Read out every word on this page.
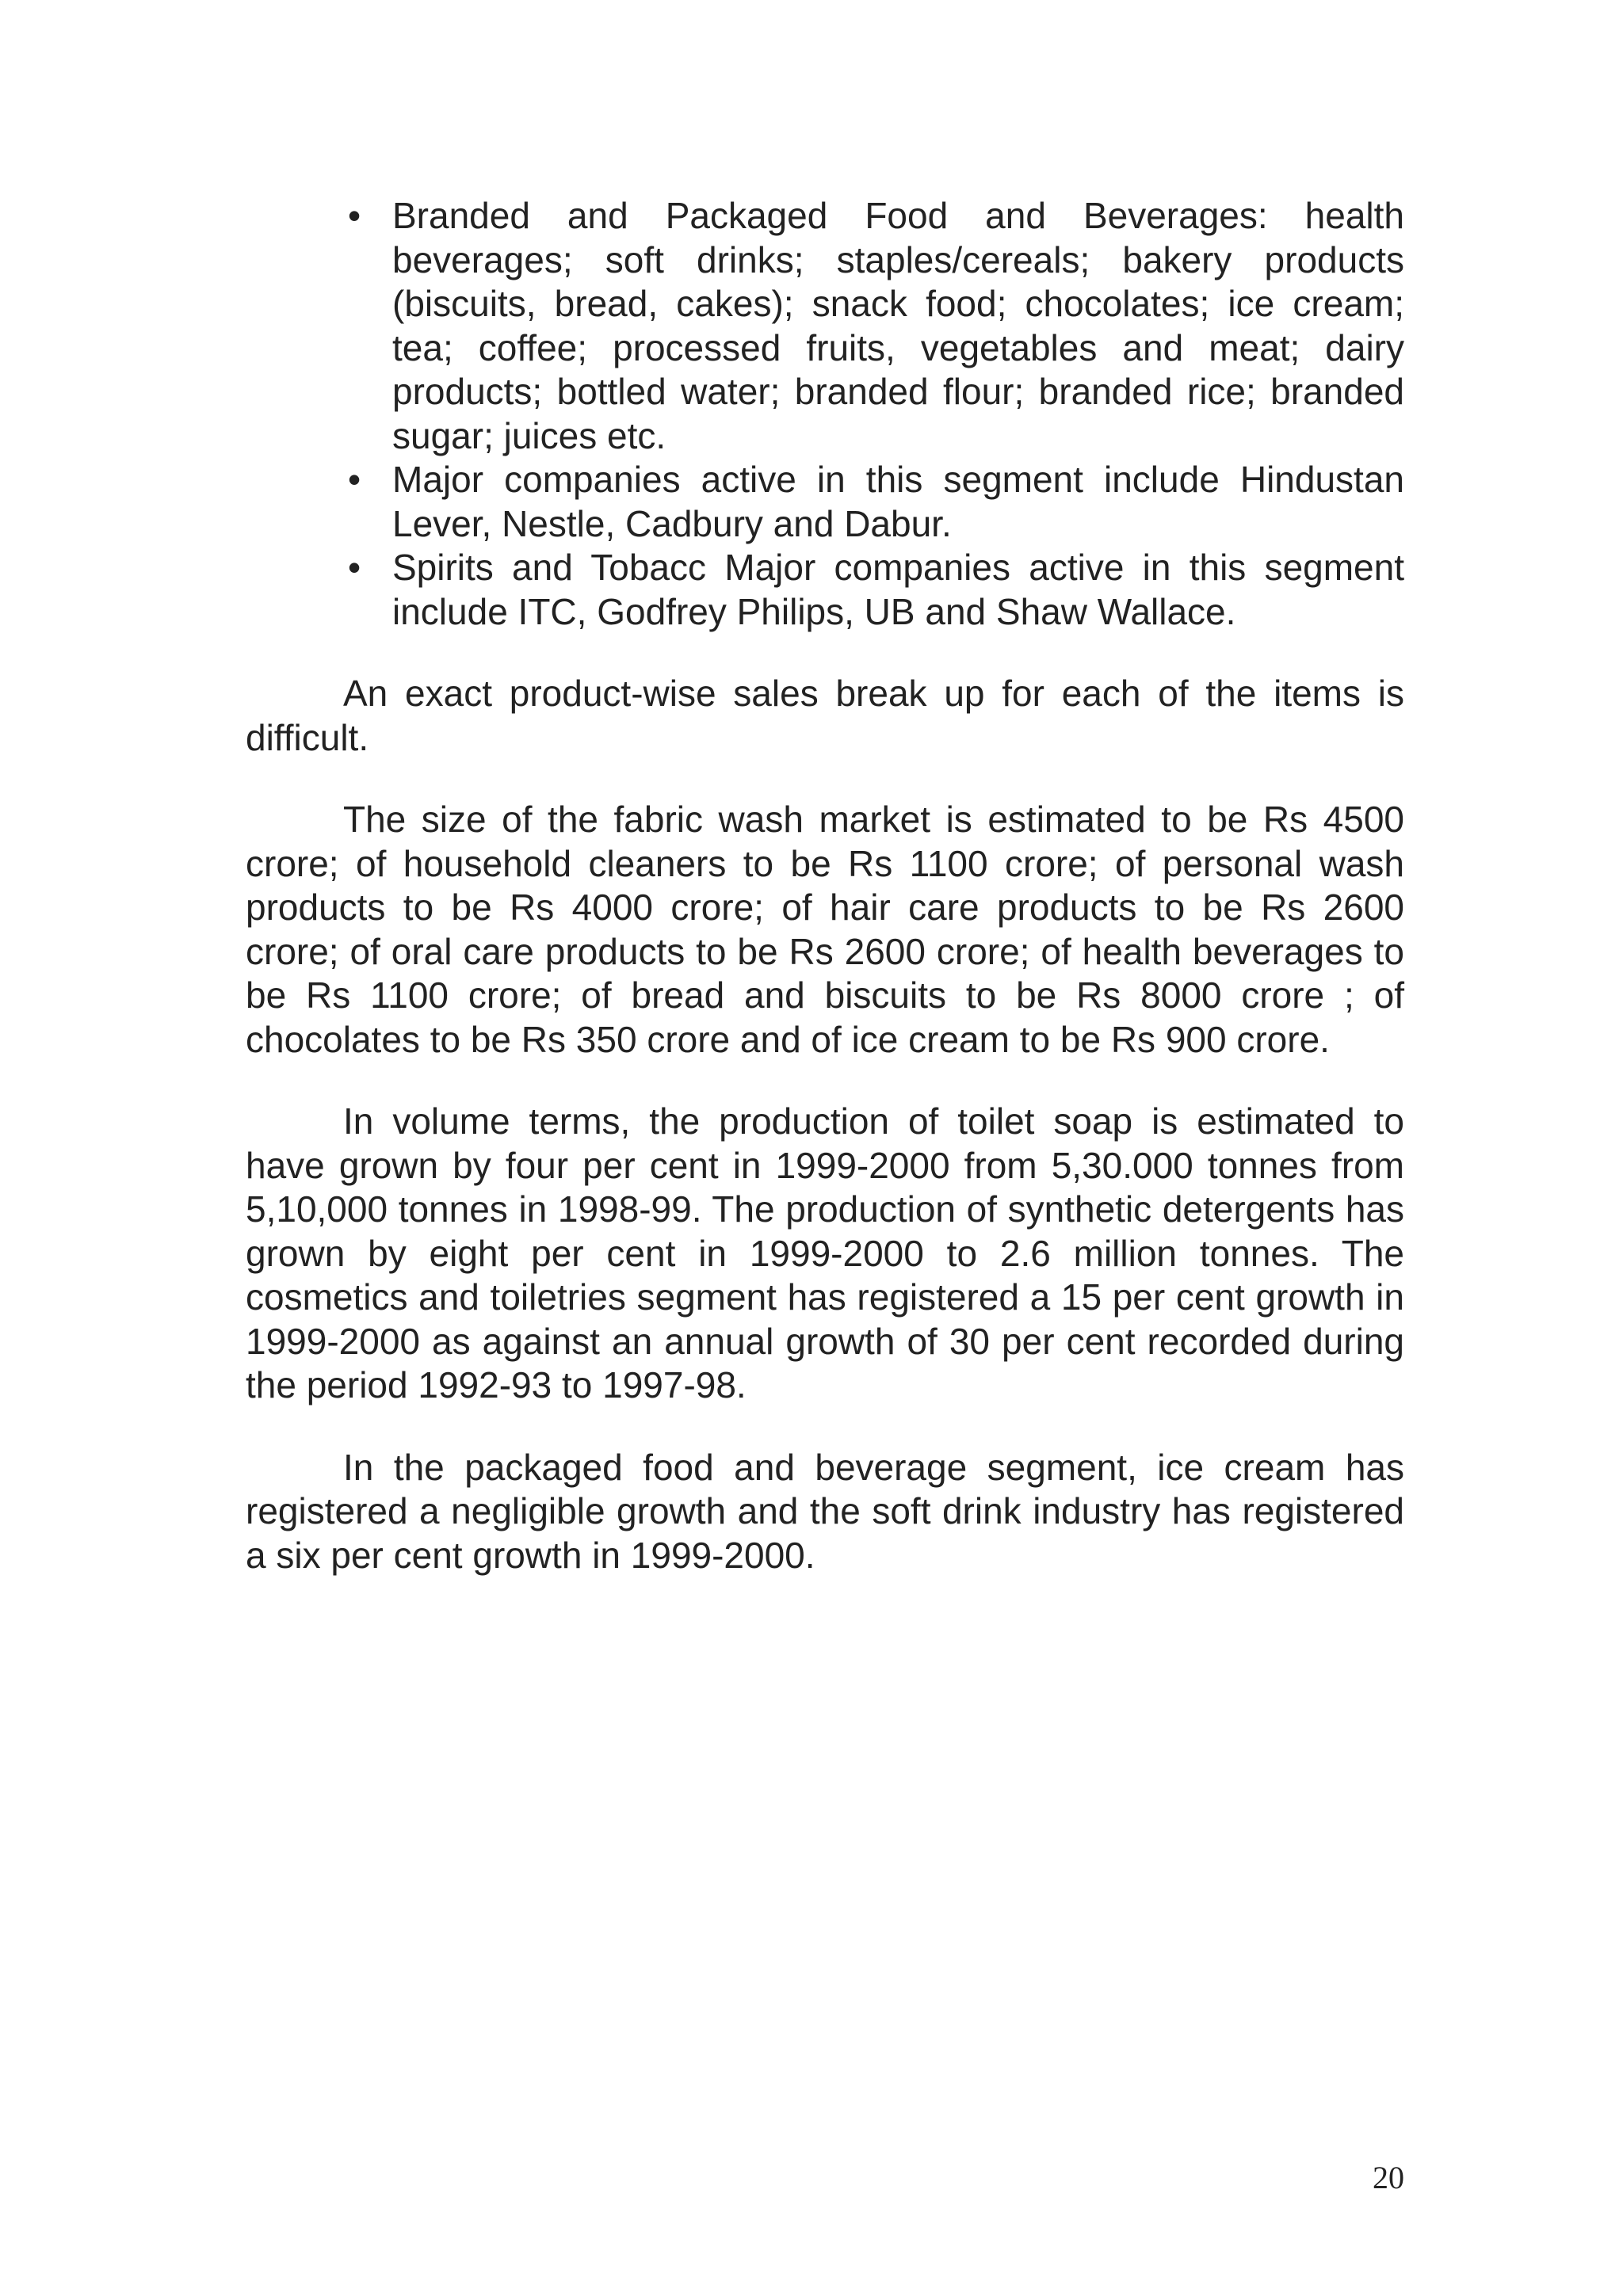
• Branded and Packaged Food and Beverages: health beverages; soft drinks; staples/cereals; bakery products (biscuits, bread, cakes); snack food; chocolates; ice cream; tea; coffee; processed fruits, vegetables and meat; dairy products; bottled water; branded flour; branded rice; branded sugar; juices etc.
• Major companies active in this segment include Hindustan Lever, Nestle, Cadbury and Dabur.
• Spirits and Tobacc Major companies active in this segment include ITC, Godfrey Philips, UB and Shaw Wallace.

An exact product-wise sales break up for each of the items is difficult.

The size of the fabric wash market is estimated to be Rs 4500 crore; of household cleaners to be Rs 1100 crore; of personal wash products to be Rs 4000 crore; of hair care products to be Rs 2600 crore; of oral care products to be Rs 2600 crore; of health beverages to be Rs 1100 crore; of bread and biscuits to be Rs 8000 crore ; of chocolates to be Rs 350 crore and of ice cream to be Rs 900 crore.

In volume terms, the production of toilet soap is estimated to have grown by four per cent in 1999-2000 from 5,30.000 tonnes from 5,10,000 tonnes in 1998-99. The production of synthetic detergents has grown by eight per cent in 1999-2000 to 2.6 million tonnes. The cosmetics and toiletries segment has registered a 15 per cent growth in 1999-2000 as against an annual growth of 30 per cent recorded during the period 1992-93 to 1997-98.

In the packaged food and beverage segment, ice cream has registered a negligible growth and the soft drink industry has registered a six per cent growth in 1999-2000.

20
